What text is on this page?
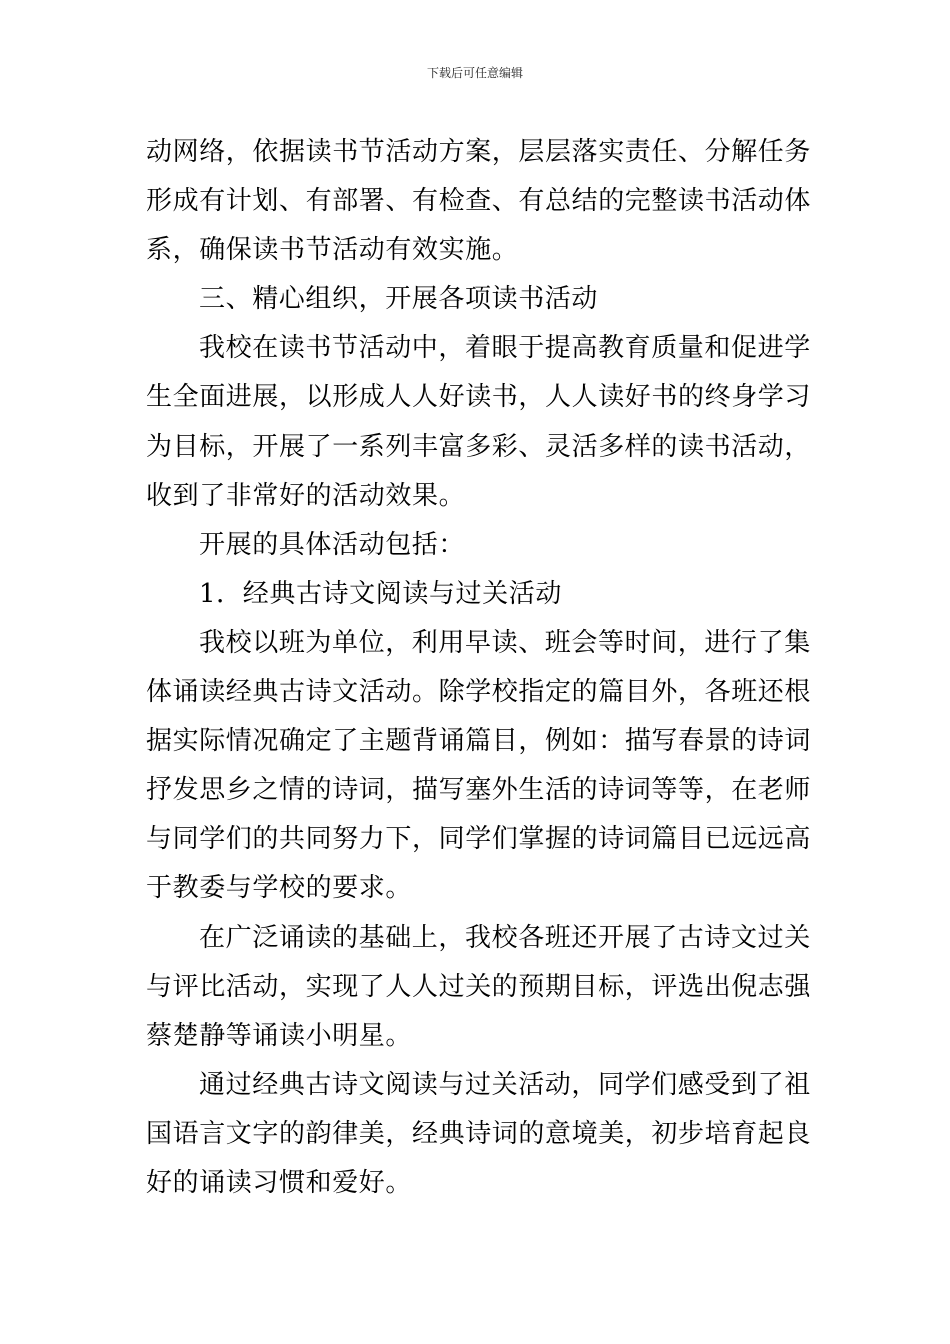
下载后可任意编辑
动网络，依据读书节活动方案，层层落实责任、分解任务
形成有计划、有部署、有检查、有总结的完整读书活动体
系，确保读书节活动有效实施。
三、精心组织，开展各项读书活动
我校在读书节活动中，着眼于提高教育质量和促进学
生全面进展，以形成人人好读书，人人读好书的终身学习
为目标，开展了一系列丰富多彩、灵活多样的读书活动，
收到了非常好的活动效果。
开展的具体活动包括：
1．经典古诗文阅读与过关活动
我校以班为单位，利用早读、班会等时间，进行了集
体诵读经典古诗文活动。除学校指定的篇目外，各班还根
据实际情况确定了主题背诵篇目，例如：描写春景的诗词
抒发思乡之情的诗词，描写塞外生活的诗词等等，在老师
与同学们的共同努力下，同学们掌握的诗词篇目已远远高
于教委与学校的要求。
在广泛诵读的基础上，我校各班还开展了古诗文过关
与评比活动，实现了人人过关的预期目标，评选出倪志强
蔡楚静等诵读小明星。
通过经典古诗文阅读与过关活动，同学们感受到了祖
国语言文字的韵律美，经典诗词的意境美，初步培育起良
好的诵读习惯和爱好。
